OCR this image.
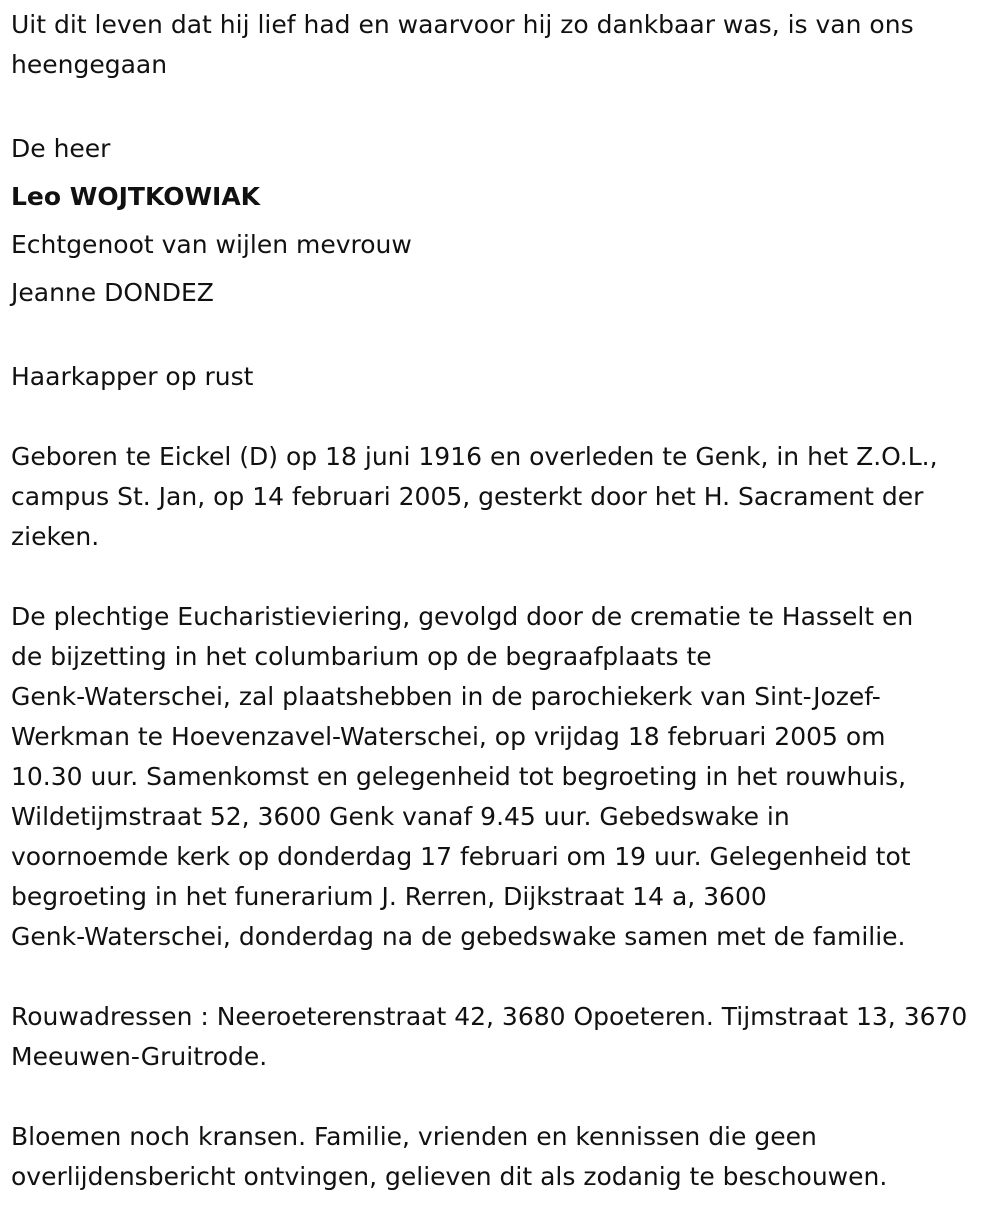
Uit dit leven dat hij lief had en waarvoor hij zo dankbaar was, is van ons heengegaan

De heer

Leo WOJTKOWIAK

Echtgenoot van wijlen mevrouw

Jeanne DONDEZ

Haarkapper op rust

Geboren te Eickel (D) op 18 juni 1916 en overleden te Genk, in het Z.O.L., campus St. Jan, op 14 februari 2005, gesterkt door het H. Sacrament der zieken.

De plechtige Eucharistieviering, gevolgd door de crematie te Hasselt en

de bijzetting in het columbarium op de begraafplaats te

Genk-Waterschei, zal plaatshebben in de parochiekerk van Sint-Jozef-

Werkman te Hoevenzavel-Waterschei, op vrijdag 18 februari 2005 om

10.30 uur. Samenkomst en gelegenheid tot begroeting in het rouwhuis,

Wildetijmstraat 52, 3600 Genk vanaf 9.45 uur. Gebedswake in

voornoemde kerk op donderdag 17 februari om 19 uur. Gelegenheid tot

begroeting in het funerarium J. Rerren, Dijkstraat 14 a, 3600

Genk-Waterschei, donderdag na de gebedswake samen met de familie.

Rouwadressen : Neeroeterenstraat 42, 3680 Opoeteren. Tijmstraat 13, 3670 Meeuwen-Gruitrode.

Bloemen noch kransen. Familie, vrienden en kennissen die geen overlijdensbericht ontvingen, gelieven dit als zodanig te beschouwen.
